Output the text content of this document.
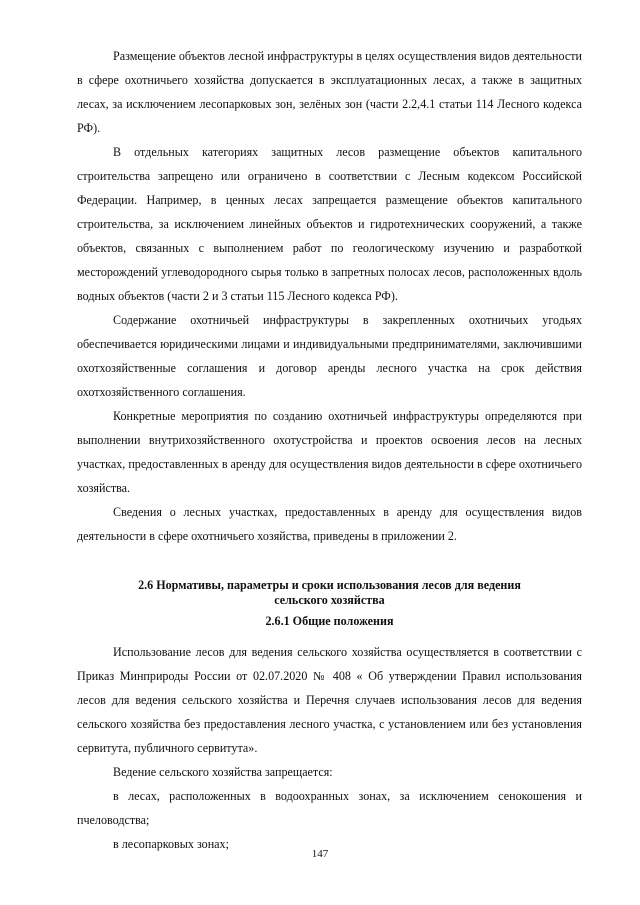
Размещение объектов лесной инфраструктуры в целях осуществления видов деятельности в сфере охотничьего хозяйства допускается в эксплуатационных лесах, а также в защитных лесах, за исключением лесопарковых зон, зелёных зон (части 2.2,4.1 статьи 114 Лесного кодекса РФ).

В отдельных категориях защитных лесов размещение объектов капитального строительства запрещено или ограничено в соответствии с Лесным кодексом Российской Федерации. Например, в ценных лесах запрещается размещение объектов капитального строительства, за исключением линейных объектов и гидротехнических сооружений, а также объектов, связанных с выполнением работ по геологическому изучению и разработкой месторождений углеводородного сырья только в запретных полосах лесов, расположенных вдоль водных объектов (части 2 и 3 статьи 115 Лесного кодекса РФ).

Содержание охотничьей инфраструктуры в закрепленных охотничьих угодьях обеспечивается юридическими лицами и индивидуальными предпринимателями, заключившими охотхозяйственные соглашения и договор аренды лесного участка на срок действия охотхозяйственного соглашения.

Конкретные мероприятия по созданию охотничьей инфраструктуры определяются при выполнении внутрихозяйственного охотустройства и проектов освоения лесов на лесных участках, предоставленных в аренду для осуществления видов деятельности в сфере охотничьего хозяйства.

Сведения о лесных участках, предоставленных в аренду для осуществления видов деятельности в сфере охотничьего хозяйства, приведены в приложении 2.

2.6 Нормативы, параметры и сроки использования лесов для ведения

сельского хозяйства

2.6.1 Общие положения

Использование лесов для ведения сельского хозяйства осуществляется в соответствии с Приказ Минприроды России от 02.07.2020 № 408 « Об утверждении Правил использования лесов для ведения сельского хозяйства и Перечня случаев использования лесов для ведения сельского хозяйства без предоставления лесного участка, с установлением или без установления сервитута, публичного сервитута».

Ведение сельского хозяйства запрещается:

в лесах, расположенных в водоохранных зонах, за исключением сенокошения и пчеловодства;

в лесопарковых зонах;

147
